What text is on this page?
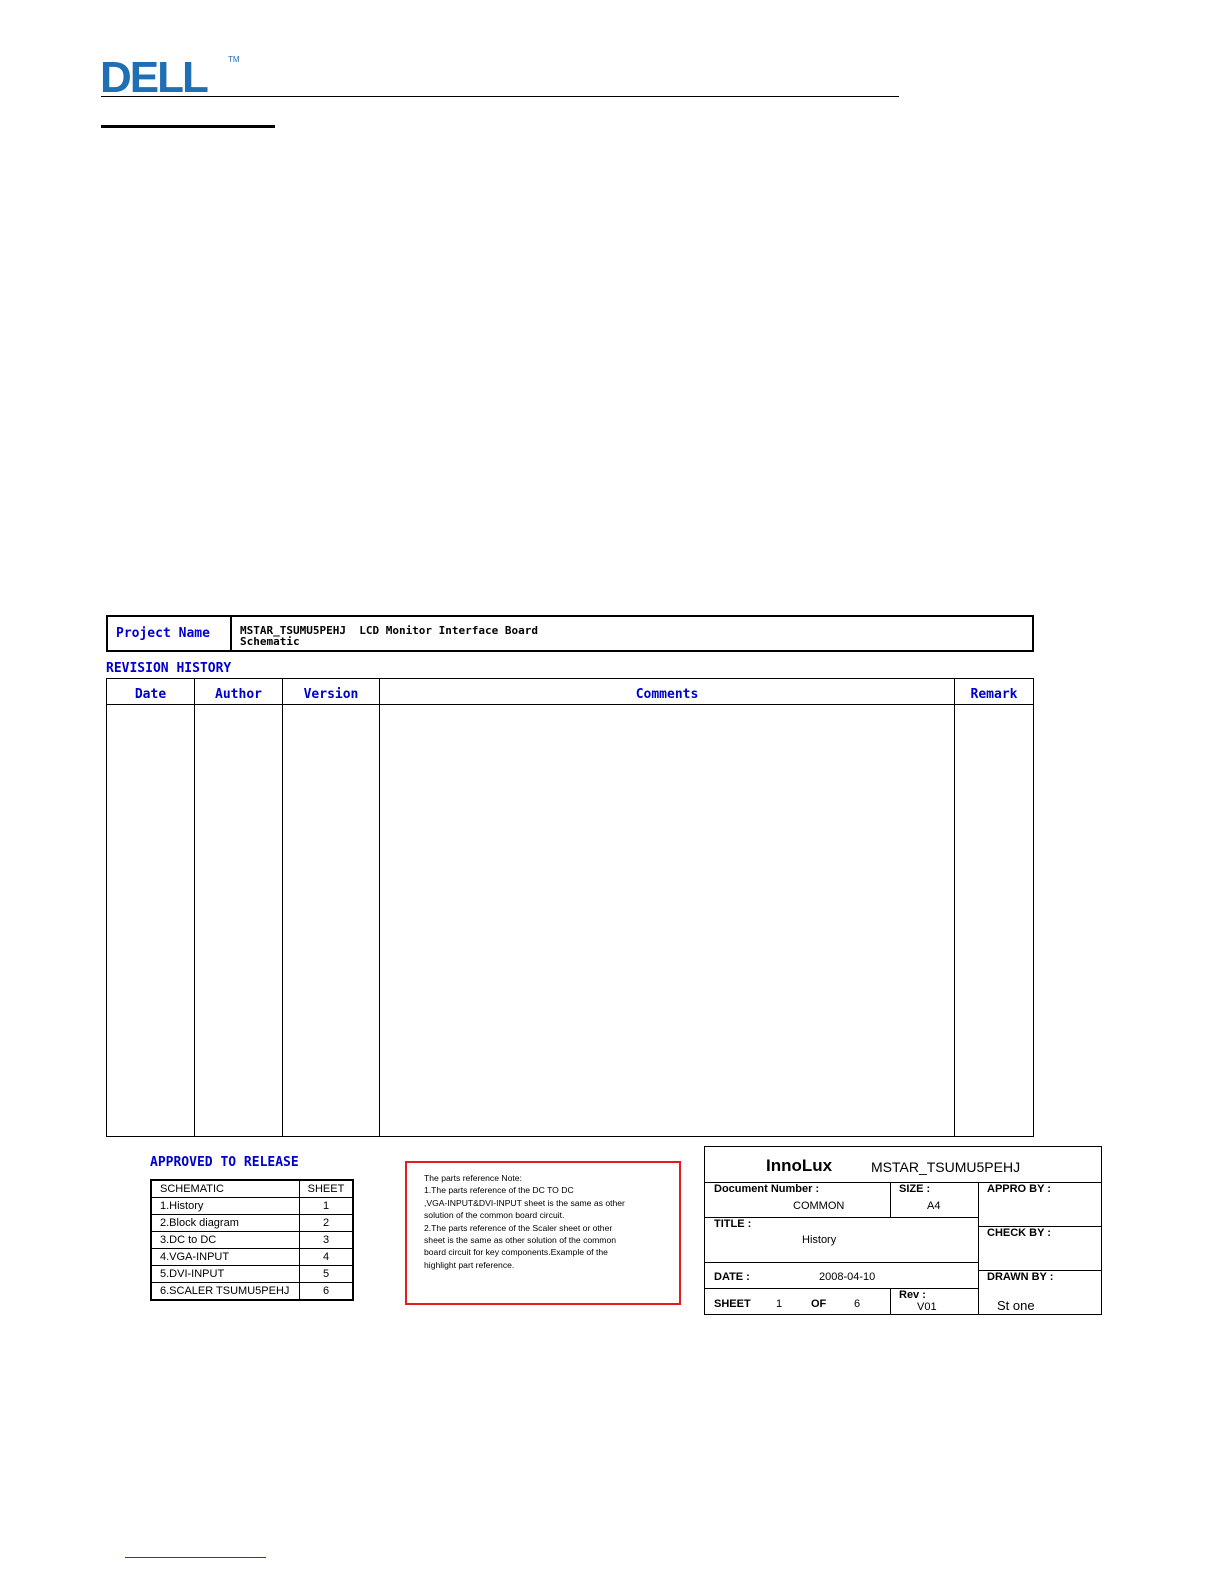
DELL	TM
Project Name	MSTAR_TSUMU5PEHJ  LCD Monitor Interface Board
Schematic
REVISION HISTORY
Date	Author	Version	Comments	Remark
APPROVED TO RELEASE
SCHEMATIC	SHEET
1.History	1
2.Block diagram	2
3.DC to DC	3
4.VGA-INPUT	4
5.DVI-INPUT	5
6.SCALER TSUMU5PEHJ	6
The parts reference Note:
1.The parts reference of the DC TO DC
,VGA-INPUT&DVI-INPUT sheet is the same as other
solution of the common board circuit.
2.The parts reference of the Scaler sheet or other
sheet is the same as other solution of the common
board circuit for key components.Example of the
highlight part reference.
InnoLux	MSTAR_TSUMU5PEHJ
Document Number :
COMMON
SIZE :
A4
APPRO BY :
TITLE :
History
CHECK BY :
DATE :	2008-04-10	DRAWN BY :
SHEET 1	OF	6
Rev :
V01	St one
